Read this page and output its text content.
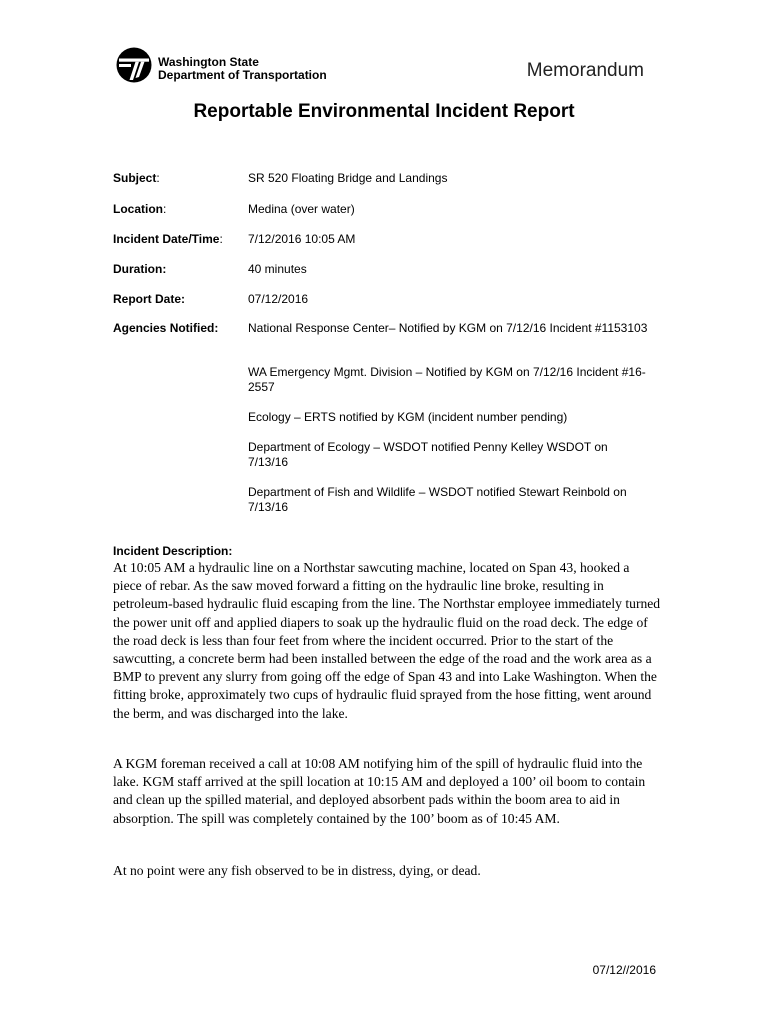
Washington State
Department of Transportation	Memorandum
Reportable Environmental Incident Report
Subject:	SR 520 Floating Bridge and Landings
Location:	Medina (over water)
Incident Date/Time: 7/12/2016 10:05 AM
Duration:	40 minutes
Report Date:	07/12/2016
Agencies Notified: National Response Center– Notified by KGM on 7/12/16 Incident #1153103
WA Emergency Mgmt. Division – Notified by KGM on 7/12/16 Incident #16-2557
Ecology – ERTS notified by KGM (incident number pending)
Department of Ecology – WSDOT notified Penny Kelley WSDOT on 7/13/16
Department of Fish and Wildlife – WSDOT notified Stewart Reinbold on 7/13/16
Incident Description:
At 10:05 AM a hydraulic line on a Northstar sawcuting machine, located on Span 43, hooked a piece of rebar. As the saw moved forward a fitting on the hydraulic line broke, resulting in petroleum-based hydraulic fluid escaping from the line. The Northstar employee immediately turned the power unit off and applied diapers to soak up the hydraulic fluid on the road deck. The edge of the road deck is less than four feet from where the incident occurred. Prior to the start of the sawcutting, a concrete berm had been installed between the edge of the road and the work area as a BMP to prevent any slurry from going off the edge of Span 43 and into Lake Washington. When the fitting broke, approximately two cups of hydraulic fluid sprayed from the hose fitting, went around the berm, and was discharged into the lake.
A KGM foreman received a call at 10:08 AM notifying him of the spill of hydraulic fluid into the lake. KGM staff arrived at the spill location at 10:15 AM and deployed a 100’ oil boom to contain and clean up the spilled material, and deployed absorbent pads within the boom area to aid in absorption. The spill was completely contained by the 100’ boom as of 10:45 AM.
At no point were any fish observed to be in distress, dying, or dead.
07/12//2016
